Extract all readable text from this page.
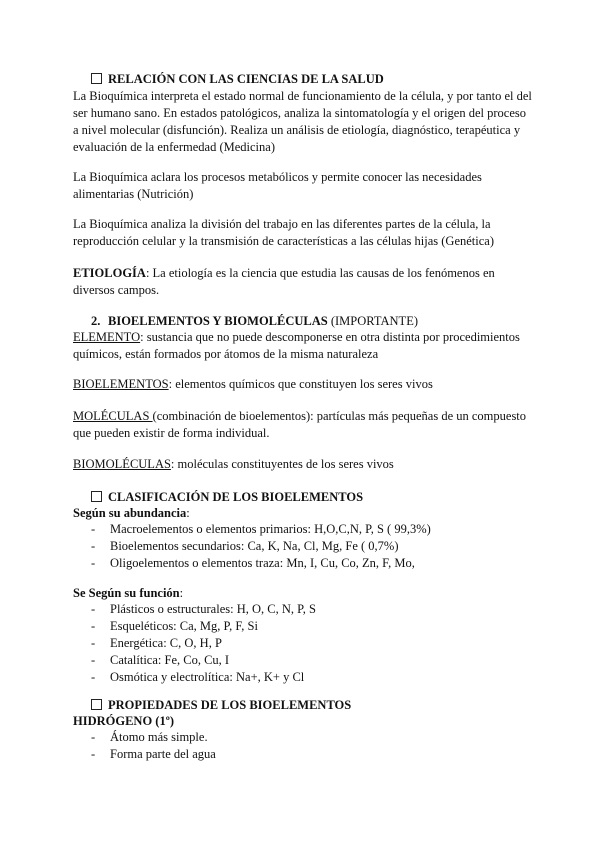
RELACIÓN CON LAS CIENCIAS DE LA SALUD
La Bioquímica interpreta el estado normal de funcionamiento de la célula, y por tanto el del ser humano sano. En estados patológicos, analiza la sintomatología y el origen del proceso a nivel molecular (disfunción). Realiza un análisis de etiología, diagnóstico, terapéutica y evaluación de la enfermedad (Medicina)
La Bioquímica aclara los procesos metabólicos y permite conocer las necesidades alimentarias (Nutrición)
La Bioquímica analiza la división del trabajo en las diferentes partes de la célula, la reproducción celular y la transmisión de características a las células hijas (Genética)
ETIOLOGÍA: La etiología es la ciencia que estudia las causas de los fenómenos en diversos campos.
2. BIOELEMENTOS Y BIOMOLÉCULAS (IMPORTANTE)
ELEMENTO: sustancia que no puede descomponerse en otra distinta por procedimientos químicos, están formados por átomos de la misma naturaleza
BIOELEMENTOS: elementos químicos que constituyen los seres vivos
MOLÉCULAS (combinación de bioelementos): partículas más pequeñas de un compuesto que pueden existir de forma individual.
BIOMOLÉCULAS: moléculas constituyentes de los seres vivos
CLASIFICACIÓN DE LOS BIOELEMENTOS
Según su abundancia:
- Macroelementos o elementos primarios: H,O,C,N, P, S ( 99,3%)
- Bioelementos secundarios: Ca, K, Na, Cl, Mg, Fe ( 0,7%)
- Oligoelementos o elementos traza: Mn, I, Cu, Co, Zn, F, Mo,
Se Según su función:
- Plásticos o estructurales: H, O, C, N, P, S
- Esqueléticos: Ca, Mg, P, F, Si
- Energética: C, O, H, P
- Catalítica: Fe, Co, Cu, I
- Osmótica y electrolítica: Na+, K+ y Cl
PROPIEDADES DE LOS BIOELEMENTOS
HIDRÓGENO (1º)
- Átomo más simple.
- Forma parte del agua
